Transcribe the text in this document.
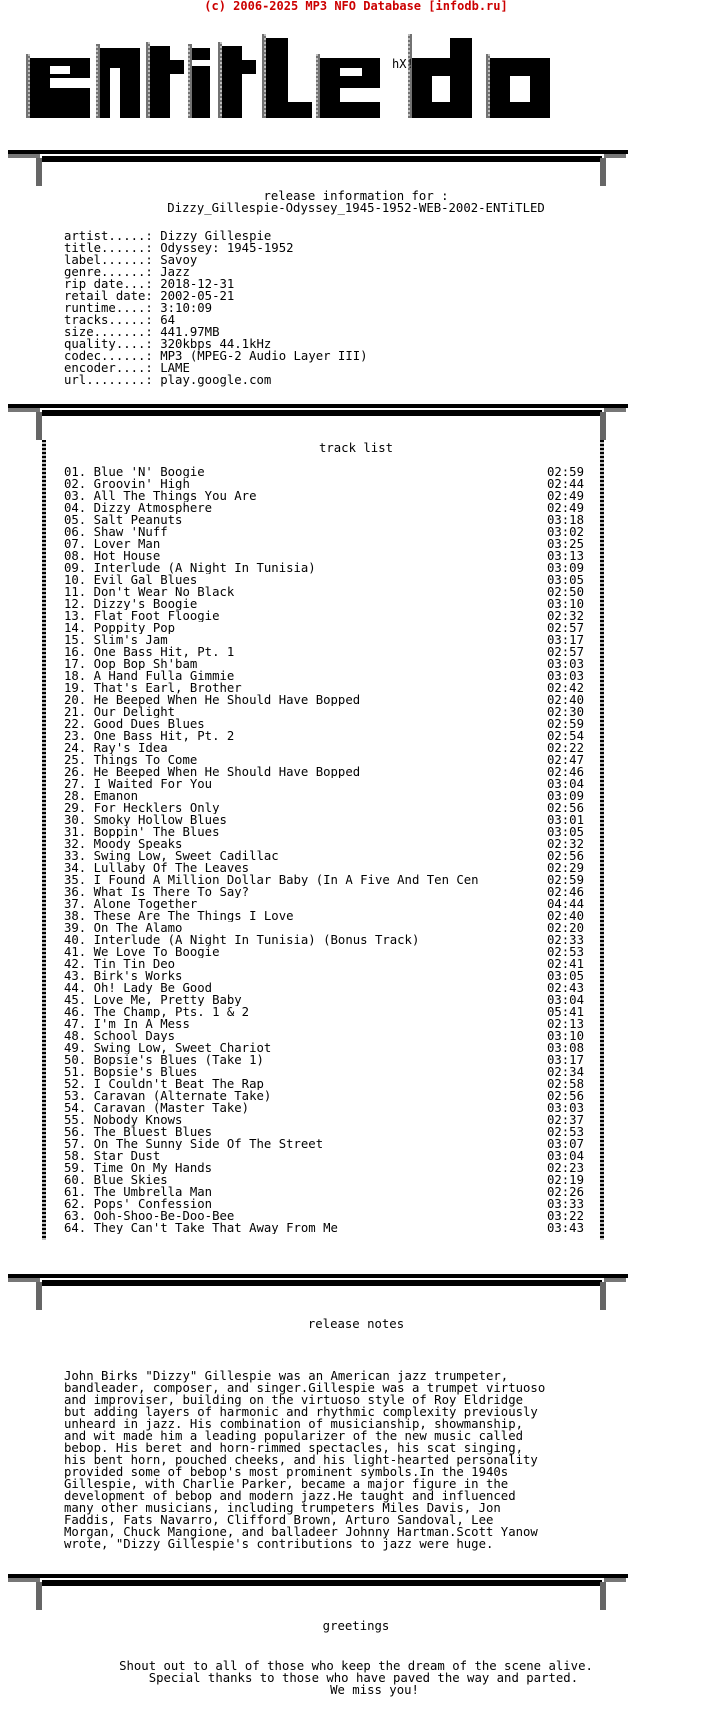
(c) 2006-2025 MP3 NFO Database [infodb.ru]
hX!
release information for :
Dizzy_Gillespie-Odyssey_1945-1952-WEB-2002-ENTiTLED
artist.....: Dizzy Gillespie
title......: Odyssey: 1945-1952
label......: Savoy
genre......: Jazz
rip date...: 2018-12-31
retail date: 2002-05-21
runtime....: 3:10:09
tracks.....: 64
size.......: 441.97MB
quality....: 320kbps 44.1kHz
codec......: MP3 (MPEG-2 Audio Layer III)
encoder....: LAME
url........: play.google.com
track list
01. Blue 'N' Boogie	02:59
02. Groovin' High	02:44
03. All The Things You Are	02:49
04. Dizzy Atmosphere	02:49
05. Salt Peanuts	03:18
06. Shaw 'Nuff	03:02
07. Lover Man	03:25
08. Hot House	03:13
09. Interlude (A Night In Tunisia)	03:09
10. Evil Gal Blues	03:05
11. Don't Wear No Black	02:50
12. Dizzy's Boogie	03:10
13. Flat Foot Floogie	02:32
14. Poppity Pop	02:57
15. Slim's Jam	03:17
16. One Bass Hit, Pt. 1	02:57
17. Oop Bop Sh'bam	03:03
18. A Hand Fulla Gimmie	03:03
19. That's Earl, Brother	02:42
20. He Beeped When He Should Have Bopped	02:40
21. Our Delight	02:30
22. Good Dues Blues	02:59
23. One Bass Hit, Pt. 2	02:54
24. Ray's Idea	02:22
25. Things To Come	02:47
26. He Beeped When He Should Have Bopped	02:46
27. I Waited For You	03:04
28. Emanon	03:09
29. For Hecklers Only	02:56
30. Smoky Hollow Blues	03:01
31. Boppin' The Blues	03:05
32. Moody Speaks	02:32
33. Swing Low, Sweet Cadillac	02:56
34. Lullaby Of The Leaves	02:29
35. I Found A Million Dollar Baby (In A Five And Ten Cen	02:59
36. What Is There To Say?	02:46
37. Alone Together	04:44
38. These Are The Things I Love	02:40
39. On The Alamo	02:20
40. Interlude (A Night In Tunisia) (Bonus Track)	02:33
41. We Love To Boogie	02:53
42. Tin Tin Deo	02:41
43. Birk's Works	03:05
44. Oh! Lady Be Good	02:43
45. Love Me, Pretty Baby	03:04
46. The Champ, Pts. 1 & 2	05:41
47. I'm In A Mess	02:13
48. School Days	03:10
49. Swing Low, Sweet Chariot	03:08
50. Bopsie's Blues (Take 1)	03:17
51. Bopsie's Blues	02:34
52. I Couldn't Beat The Rap	02:58
53. Caravan (Alternate Take)	02:56
54. Caravan (Master Take)	03:03
55. Nobody Knows	02:37
56. The Bluest Blues	02:53
57. On The Sunny Side Of The Street	03:07
58. Star Dust	03:04
59. Time On My Hands	02:23
60. Blue Skies	02:19
61. The Umbrella Man	02:26
62. Pops' Confession	03:33
63. Ooh-Shoo-Be-Doo-Bee	03:22
64. They Can't Take That Away From Me	03:43
release notes
John Birks "Dizzy" Gillespie was an American jazz trumpeter,
bandleader, composer, and singer.Gillespie was a trumpet virtuoso
and improviser, building on the virtuoso style of Roy Eldridge
but adding layers of harmonic and rhythmic complexity previously
unheard in jazz. His combination of musicianship, showmanship,
and wit made him a leading popularizer of the new music called
bebop. His beret and horn-rimmed spectacles, his scat singing,
his bent horn, pouched cheeks, and his light-hearted personality
provided some of bebop's most prominent symbols.In the 1940s
Gillespie, with Charlie Parker, became a major figure in the
development of bebop and modern jazz.He taught and influenced
many other musicians, including trumpeters Miles Davis, Jon
Faddis, Fats Navarro, Clifford Brown, Arturo Sandoval, Lee
Morgan, Chuck Mangione, and balladeer Johnny Hartman.Scott Yanow
wrote, "Dizzy Gillespie's contributions to jazz were huge.
greetings
Shout out to all of those who keep the dream of the scene alive.
Special thanks to those who have paved the way and parted.
We miss you!
